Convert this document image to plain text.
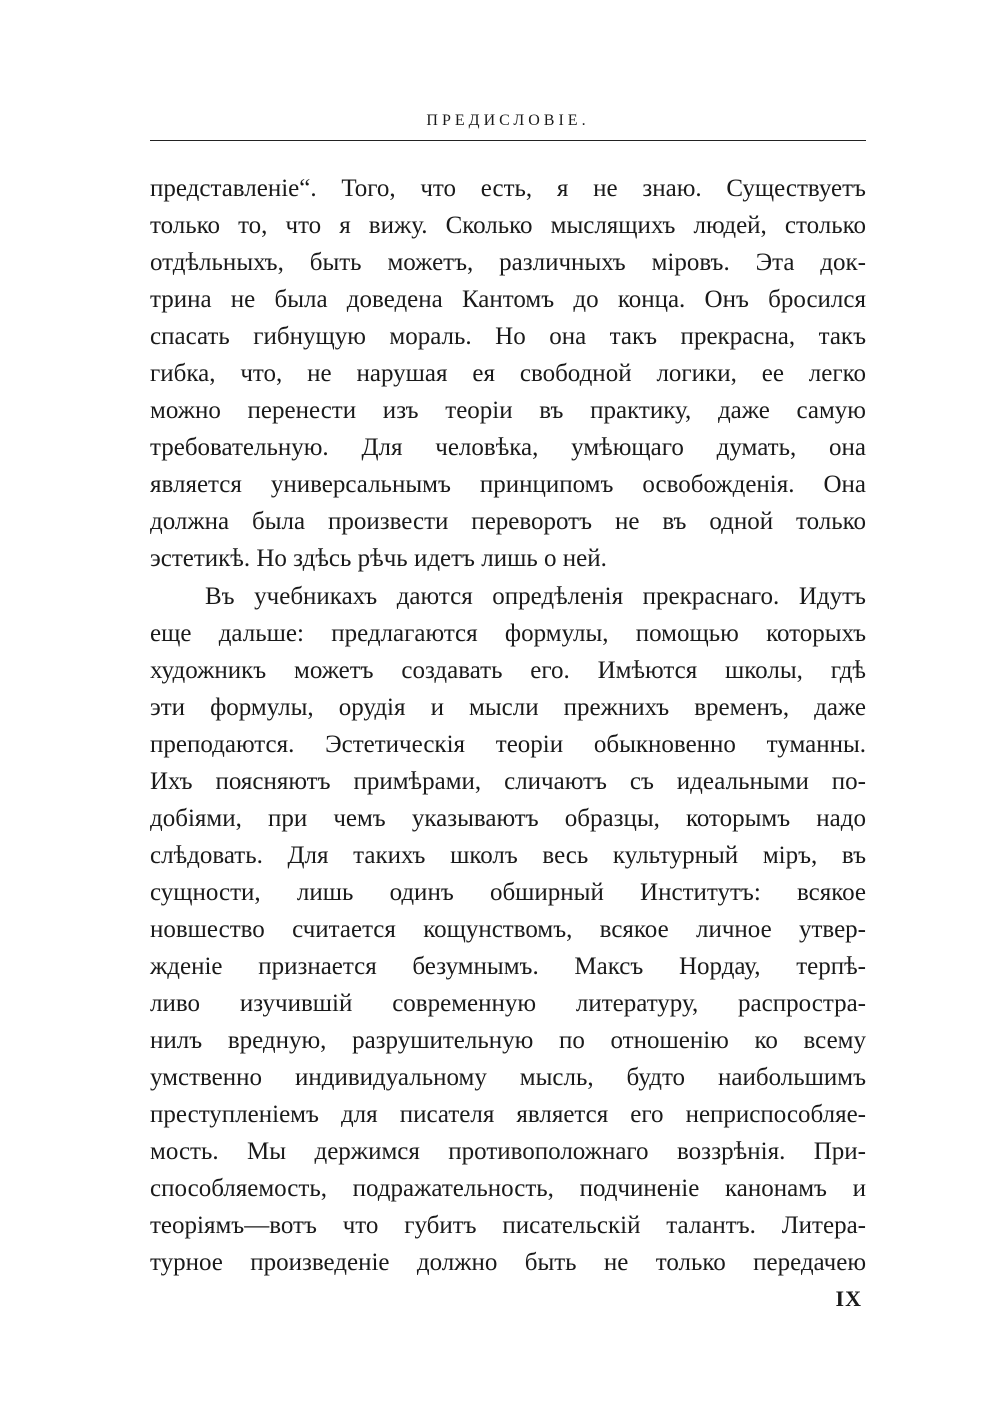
ПРЕДИСЛОВІЕ.
представленіе“. Того, что есть, я не знаю. Существуетъ
только то, что я вижу. Сколько мыслящихъ людей, столько
отдѣльныхъ, быть можетъ, различныхъ міровъ. Эта док-
трина не была доведена Кантомъ до конца. Онъ бросился
спасать гибнущую мораль. Но она такъ прекрасна, такъ
гибка, что, не нарушая ея свободной логики, ее легко
можно перенести изъ теоріи въ практику, даже самую
требовательную. Для человѣка, умѣющаго думать, она
является универсальнымъ принципомъ освобожденія. Она
должна была произвести переворотъ не въ одной только
эстетикѣ. Но здѣсь рѣчь идетъ лишь о ней.
Въ учебникахъ даются опредѣленія прекраснаго. Идутъ
еще дальше: предлагаются формулы, помощью которыхъ
художникъ можетъ создавать его. Имѣются школы, гдѣ
эти формулы, орудія и мысли прежнихъ временъ, даже
преподаются. Эстетическія теоріи обыкновенно туманны.
Ихъ поясняютъ примѣрами, сличаютъ съ идеальными по-
добіями, при чемъ указываютъ образцы, которымъ надо
слѣдовать. Для такихъ школъ весь культурный міръ, въ
сущности, лишь одинъ обширный Институтъ: всякое
новшество считается кощунствомъ, всякое личное утвер-
жденіе признается безумнымъ. Максъ Нордау, терпѣ-
ливо изучившій современную литературу, распростра-
нилъ вредную, разрушительную по отношенію ко всему
умственно индивидуальному мысль, будто наибольшимъ
преступленіемъ для писателя является его неприспособляе-
мость. Мы держимся противоположнаго воззрѣнія. При-
способляемость, подражательность, подчиненіе канонамъ и
теоріямъ—вотъ что губитъ писательскій талантъ. Литера-
турное произведеніе должно быть не только передачею
IX
